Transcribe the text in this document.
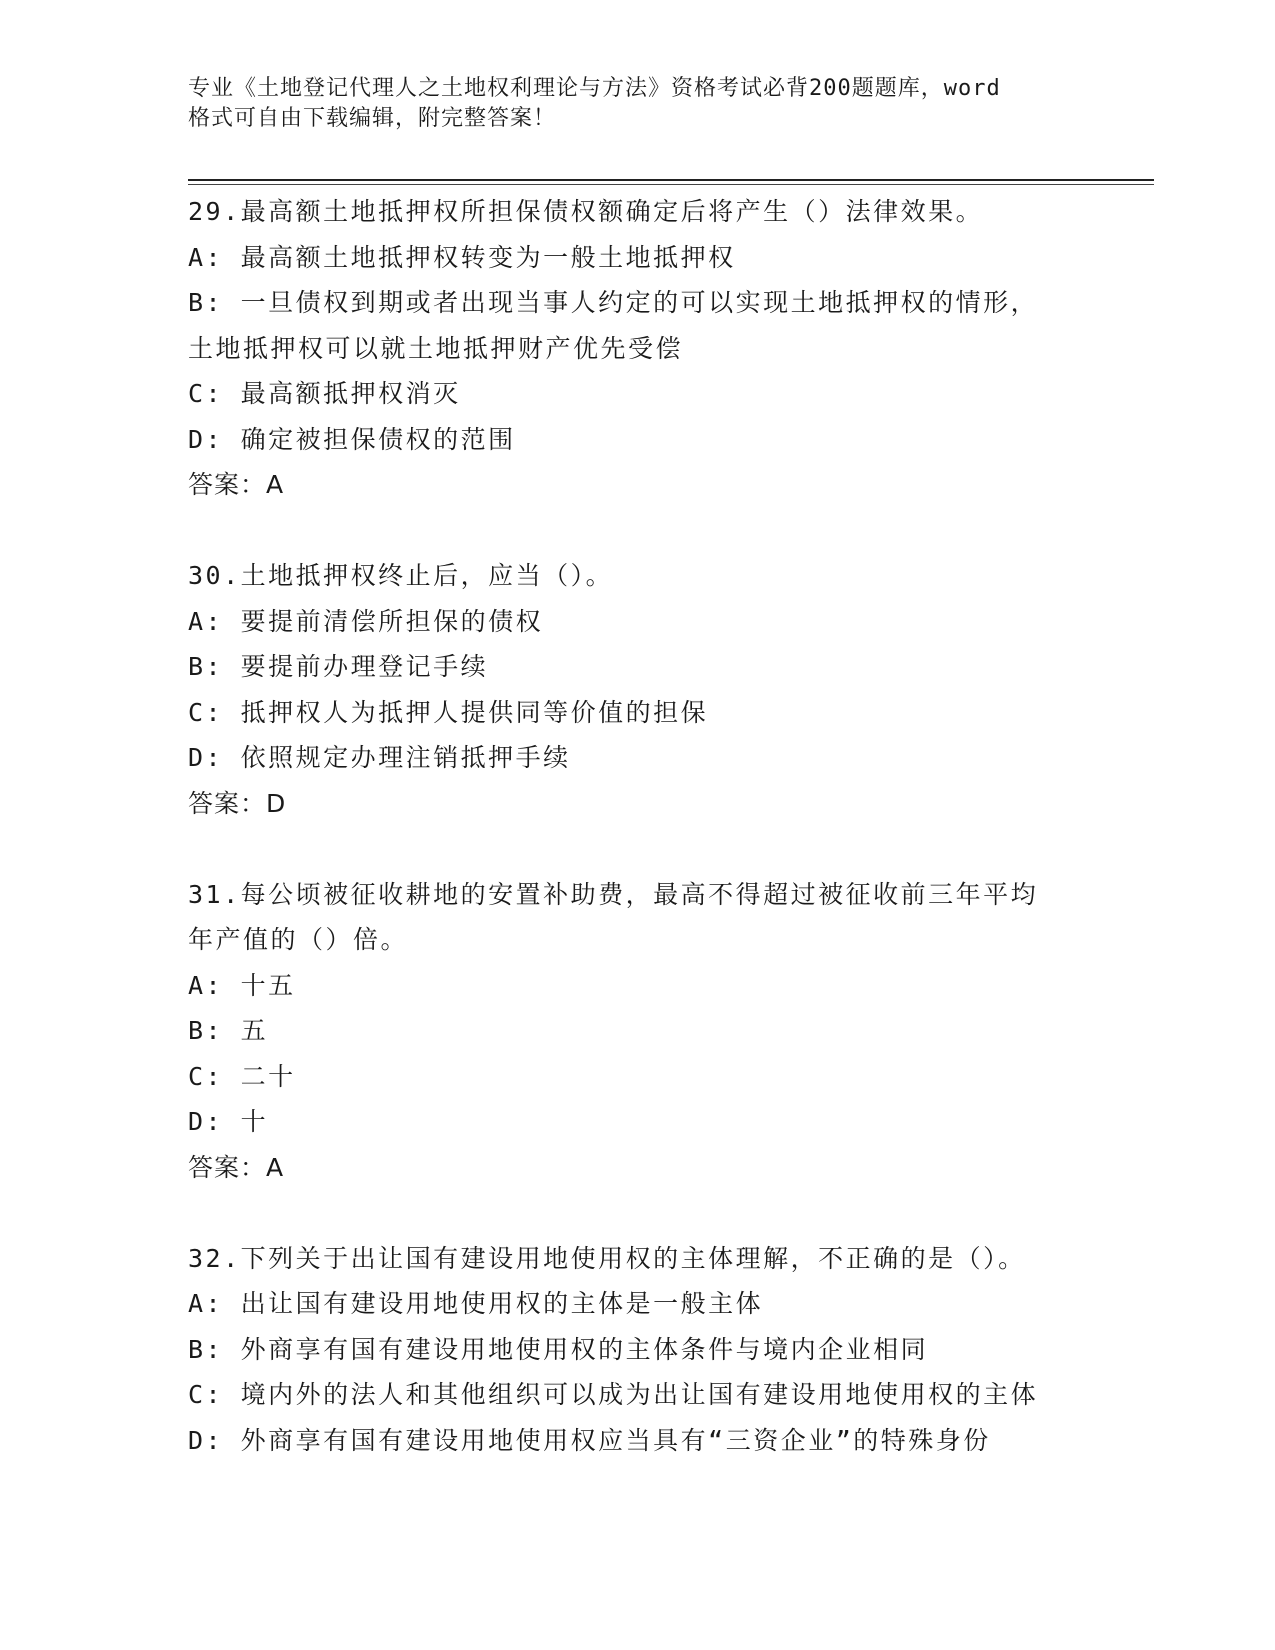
专业《土地登记代理人之土地权利理论与方法》资格考试必背200题题库，word
格式可自由下载编辑，附完整答案！
29.最高额土地抵押权所担保债权额确定后将产生（）法律效果。
A: 最高额土地抵押权转变为一般土地抵押权
B: 一旦债权到期或者出现当事人约定的可以实现土地抵押权的情形，
土地抵押权可以就土地抵押财产优先受偿
C: 最高额抵押权消灭
D: 确定被担保债权的范围
答案：A
30.土地抵押权终止后，应当（）。
A: 要提前清偿所担保的债权
B: 要提前办理登记手续
C: 抵押权人为抵押人提供同等价值的担保
D: 依照规定办理注销抵押手续
答案：D
31.每公顷被征收耕地的安置补助费，最高不得超过被征收前三年平均
年产值的（）倍。
A: 十五
B: 五
C: 二十
D: 十
答案：A
32.下列关于出让国有建设用地使用权的主体理解，不正确的是（）。
A: 出让国有建设用地使用权的主体是一般主体
B: 外商享有国有建设用地使用权的主体条件与境内企业相同
C: 境内外的法人和其他组织可以成为出让国有建设用地使用权的主体
D: 外商享有国有建设用地使用权应当具有“三资企业”的特殊身份
